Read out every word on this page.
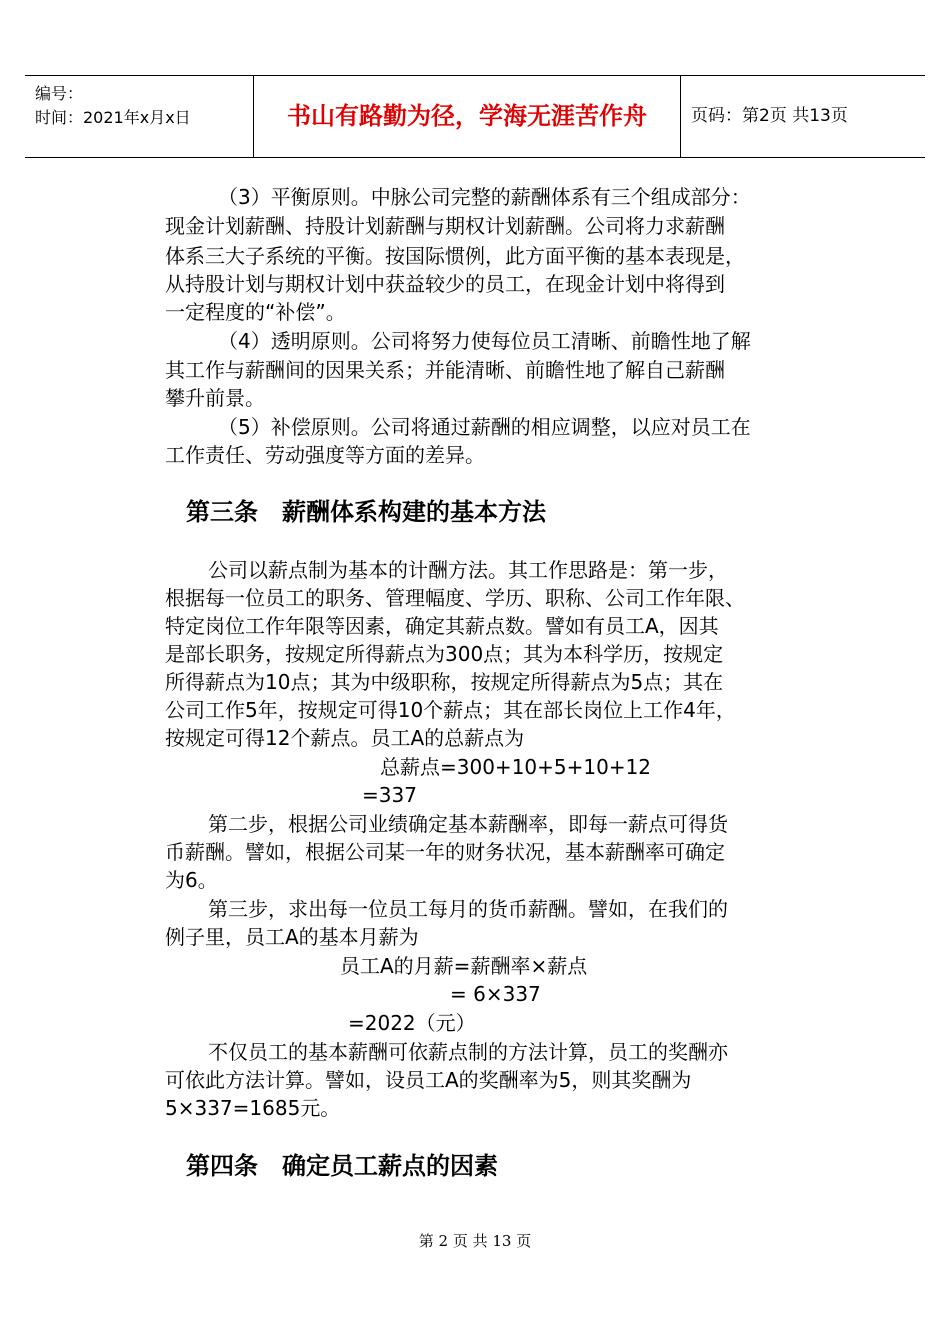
编号：
时间：2021年x月x日	书山有路勤为径，学海无涯苦作舟	页码：第2页 共13页
（3）平衡原则。中脉公司完整的薪酬体系有三个组成部分：
现金计划薪酬、持股计划薪酬与期权计划薪酬。公司将力求薪酬
体系三大子系统的平衡。按国际惯例，此方面平衡的基本表现是，
从持股计划与期权计划中获益较少的员工，在现金计划中将得到
一定程度的“补偿”。
（4）透明原则。公司将努力使每位员工清晰、前瞻性地了解
其工作与薪酬间的因果关系；并能清晰、前瞻性地了解自己薪酬
攀升前景。
（5）补偿原则。公司将通过薪酬的相应调整，以应对员工在
工作责任、劳动强度等方面的差异。
第三条　薪酬体系构建的基本方法
公司以薪点制为基本的计酬方法。其工作思路是：第一步，
根据每一位员工的职务、管理幅度、学历、职称、公司工作年限、
特定岗位工作年限等因素，确定其薪点数。譬如有员工A，因其
是部长职务，按规定所得薪点为300点；其为本科学历，按规定
所得薪点为10点；其为中级职称，按规定所得薪点为5点；其在
公司工作5年，按规定可得10个薪点；其在部长岗位上工作4年，
按规定可得12个薪点。员工A的总薪点为
总薪点=300+10+5+10+12
=337
第二步，根据公司业绩确定基本薪酬率，即每一薪点可得货
币薪酬。譬如，根据公司某一年的财务状况，基本薪酬率可确定
为6。
第三步，求出每一位员工每月的货币薪酬。譬如，在我们的
例子里，员工A的基本月薪为
员工A的月薪=薪酬率×薪点
= 6×337
=2022（元）
不仅员工的基本薪酬可依薪点制的方法计算，员工的奖酬亦
可依此方法计算。譬如，设员工A的奖酬率为5，则其奖酬为
5×337=1685元。
第四条　确定员工薪点的因素
第 2 页 共 13 页
